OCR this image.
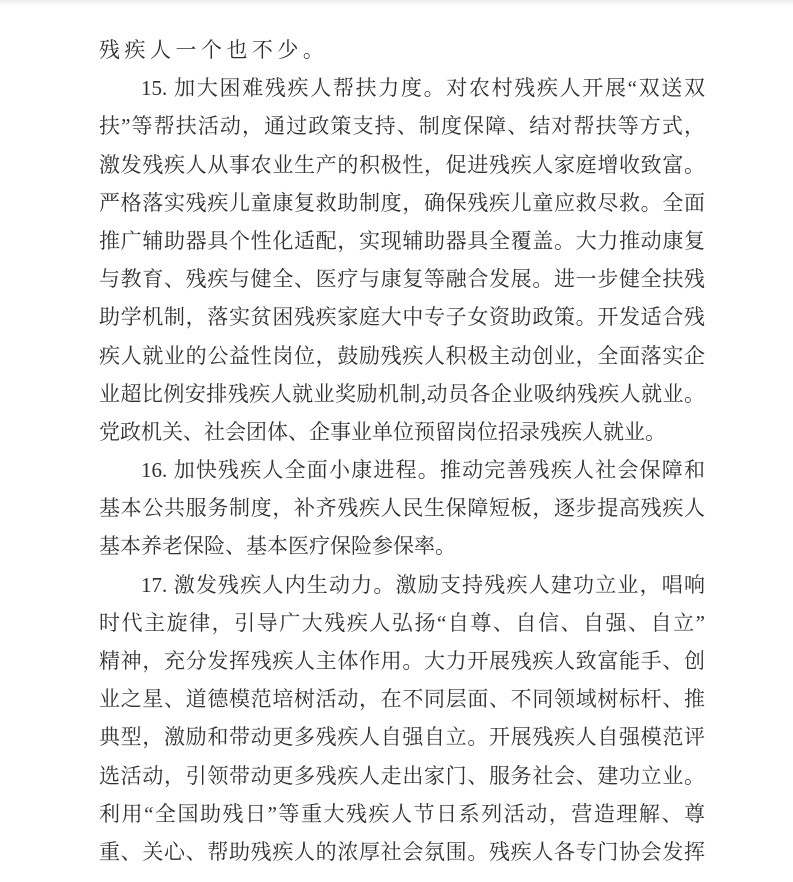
残疾人一个也不少。
15. 加大困难残疾人帮扶力度。对农村残疾人开展“双送双
扶”等帮扶活动，通过政策支持、制度保障、结对帮扶等方式，
激发残疾人从事农业生产的积极性，促进残疾人家庭增收致富。
严格落实残疾儿童康复救助制度，确保残疾儿童应救尽救。全面
推广辅助器具个性化适配，实现辅助器具全覆盖。大力推动康复
与教育、残疾与健全、医疗与康复等融合发展。进一步健全扶残
助学机制，落实贫困残疾家庭大中专子女资助政策。开发适合残
疾人就业的公益性岗位，鼓励残疾人积极主动创业，全面落实企
业超比例安排残疾人就业奖励机制,动员各企业吸纳残疾人就业。
党政机关、社会团体、企事业单位预留岗位招录残疾人就业。
16. 加快残疾人全面小康进程。推动完善残疾人社会保障和
基本公共服务制度，补齐残疾人民生保障短板，逐步提高残疾人
基本养老保险、基本医疗保险参保率。
17. 激发残疾人内生动力。激励支持残疾人建功立业，唱响
时代主旋律，引导广大残疾人弘扬“自尊、自信、自强、自立”
精神，充分发挥残疾人主体作用。大力开展残疾人致富能手、创
业之星、道德模范培树活动，在不同层面、不同领域树标杆、推
典型，激励和带动更多残疾人自强自立。开展残疾人自强模范评
选活动，引领带动更多残疾人走出家门、服务社会、建功立业。
利用“全国助残日”等重大残疾人节日系列活动，营造理解、尊
重、关心、帮助残疾人的浓厚社会氛围。残疾人各专门协会发挥
